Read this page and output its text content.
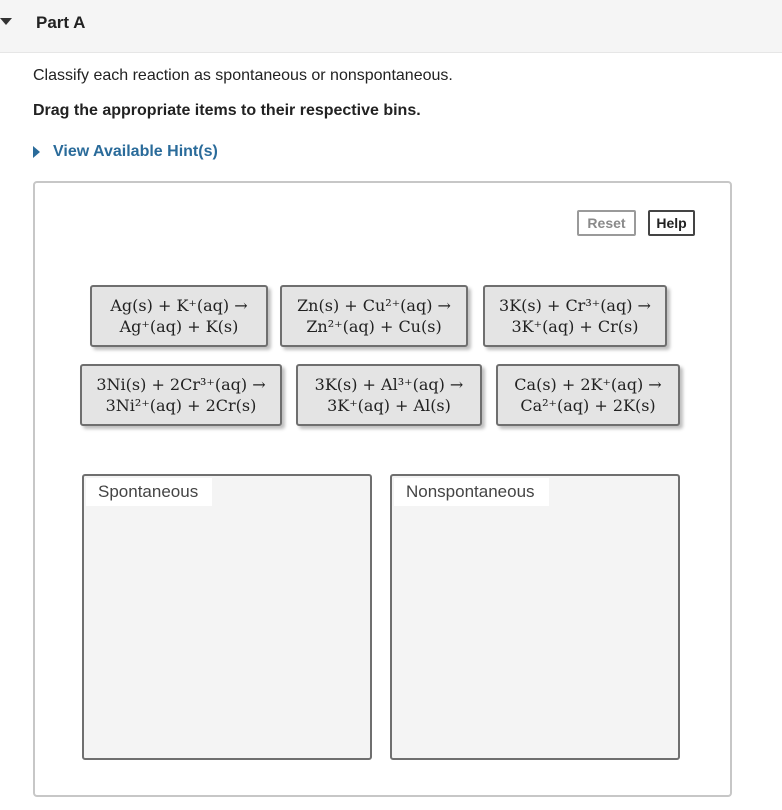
Part A
Classify each reaction as spontaneous or nonspontaneous.
Drag the appropriate items to their respective bins.
View Available Hint(s)
Reset	Help
Ag(s) + K⁺(aq) →
Ag⁺(aq) + K(s)
Zn(s) + Cu²⁺(aq) →
Zn²⁺(aq) + Cu(s)
3K(s) + Cr³⁺(aq) →
3K⁺(aq) + Cr(s)
3Ni(s) + 2Cr³⁺(aq) →
3Ni²⁺(aq) + 2Cr(s)
3K(s) + Al³⁺(aq) →
3K⁺(aq) + Al(s)
Ca(s) + 2K⁺(aq) →
Ca²⁺(aq) + 2K(s)
Spontaneous	Nonspontaneous
